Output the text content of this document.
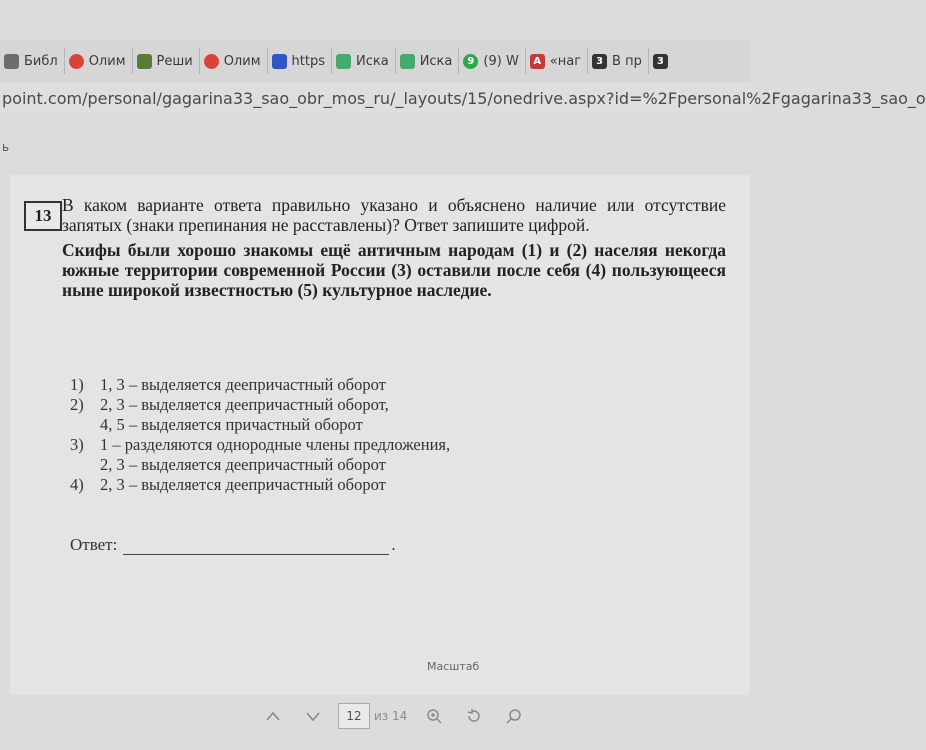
Библ Олим Реши Олим https Иска Иска	9 (9) W	A «наг	3 В пр	3
point.com/personal/gagarina33_sao_obr_mos_ru/_layouts/15/onedrive.aspx?id=%2Fpersonal%2Fgagarina33_sao_o
ь
13
В каком варианте ответа правильно указано и объяснено наличие или отсутствие запятых (знаки препинания не расставлены)? Ответ запишите цифрой.
Скифы были хорошо знакомы ещё античным народам (1) и (2) населяя некогда южные территории современной России (3) оставили после себя (4) пользующееся ныне широкой известностью (5) культурное наследие.
1) 1, 3 – выделяется деепричастный оборот
2) 2, 3 – выделяется деепричастный оборот,
4, 5 – выделяется причастный оборот
3) 1 – разделяются однородные члены предложения,
2, 3 – выделяется деепричастный оборот
4) 2, 3 – выделяется деепричастный оборот
Ответ:	.
Масштаб
12	из 14
